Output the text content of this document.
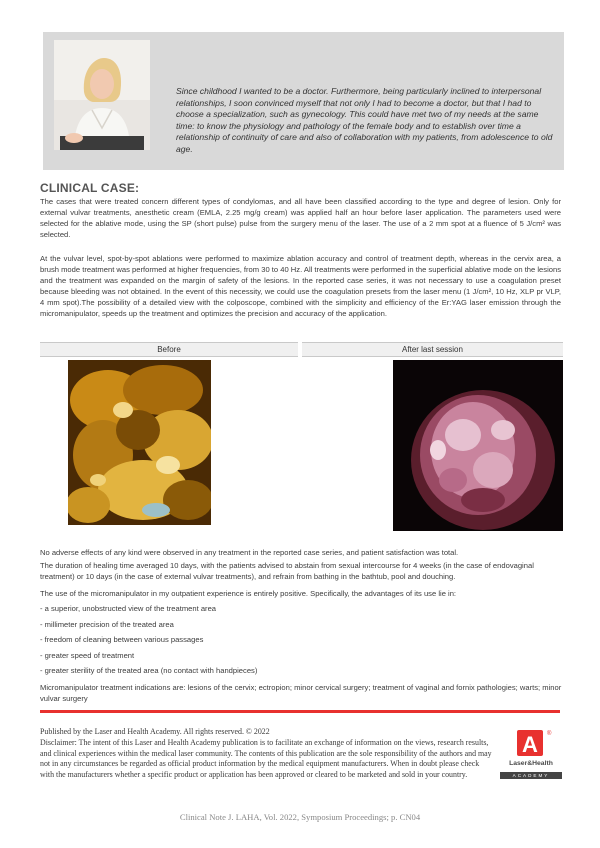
Since childhood I wanted to be a doctor. Furthermore, being particularly inclined to interpersonal relationships, I soon convinced myself that not only I had to become a doctor, but that I had to choose a specialization, such as gynecology. This could have met two of my needs at the same time: to know the physiology and pathology of the female body and to establish over time a relationship of continuity of care and also of collaboration with my patients, from adolescence to old age.
CLINICAL CASE:

The cases that were treated concern different types of condylomas, and all have been classified according to the type and degree of lesion. Only for external vulvar treatments, anesthetic cream (EMLA, 2.25 mg/g cream) was applied half an hour before laser application. The parameters used were selected for the ablative mode, using the SP (short pulse) pulse from the surgery menu of the laser. The use of a 2 mm spot at a fluence of 5 J/cm² was selected.

At the vulvar level, spot-by-spot ablations were performed to maximize ablation accuracy and control of treatment depth, whereas in the cervix area, a brush mode treatment was performed at higher frequencies, from 30 to 40 Hz. All treatments were performed in the superficial ablative mode on the lesions and the treatment was expanded on the margin of safety of the lesions. In the reported case series, it was not necessary to use a coagulation preset because bleeding was not obtained. In the event of this necessity, we could use the coagulation presets from the laser menu (1 J/cm², 10 Hz, XLP pr VLP, 4 mm spot).The possibility of a detailed view with the colposcope, combined with the simplicity and efficiency of the Er:YAG laser emission through the micromanipulator, speeds up the treatment and optimizes the precision and accuracy of the application.

Before	After last session

No adverse effects of any kind were observed in any treatment in the reported case series, and patient satisfaction was total.

The duration of healing time averaged 10 days, with the patients advised to abstain from sexual intercourse for 4 weeks (in the case of endovaginal treatment) or 10 days (in the case of external vulvar treatments), and refrain from bathing in the bathtub, pool and douching.

The use of the micromanipulator in my outpatient experience is entirely positive. Specifically, the advantages of its use lie in:

- a superior, unobstructed view of the treatment area
- millimeter precision of the treated area
- freedom of cleaning between various passages
- greater speed of treatment
- greater sterility of the treated area (no contact with handpieces)

Micromanipulator treatment indications are: lesions of the cervix; ectropion; minor cervical surgery; treatment of vaginal and fornix pathologies; warts; minor vulvar surgery

Published by the Laser and Health Academy. All rights reserved. © 2022
Disclaimer: The intent of this Laser and Health Academy publication is to facilitate an exchange of information on the views, research results, and clinical experiences within the medical laser community. The contents of this publication are the sole responsibility of the authors and may not in any circumstances be regarded as official product information by the medical equipment manufacturers. When in doubt please check with the manufacturers whether a specific product or application has been approved or cleared to be marketed and sold in your country.
A ®
Laser&Health
ACADEMY
Clinical Note J. LAHA, Vol. 2022, Symposium Proceedings; p. CN04
